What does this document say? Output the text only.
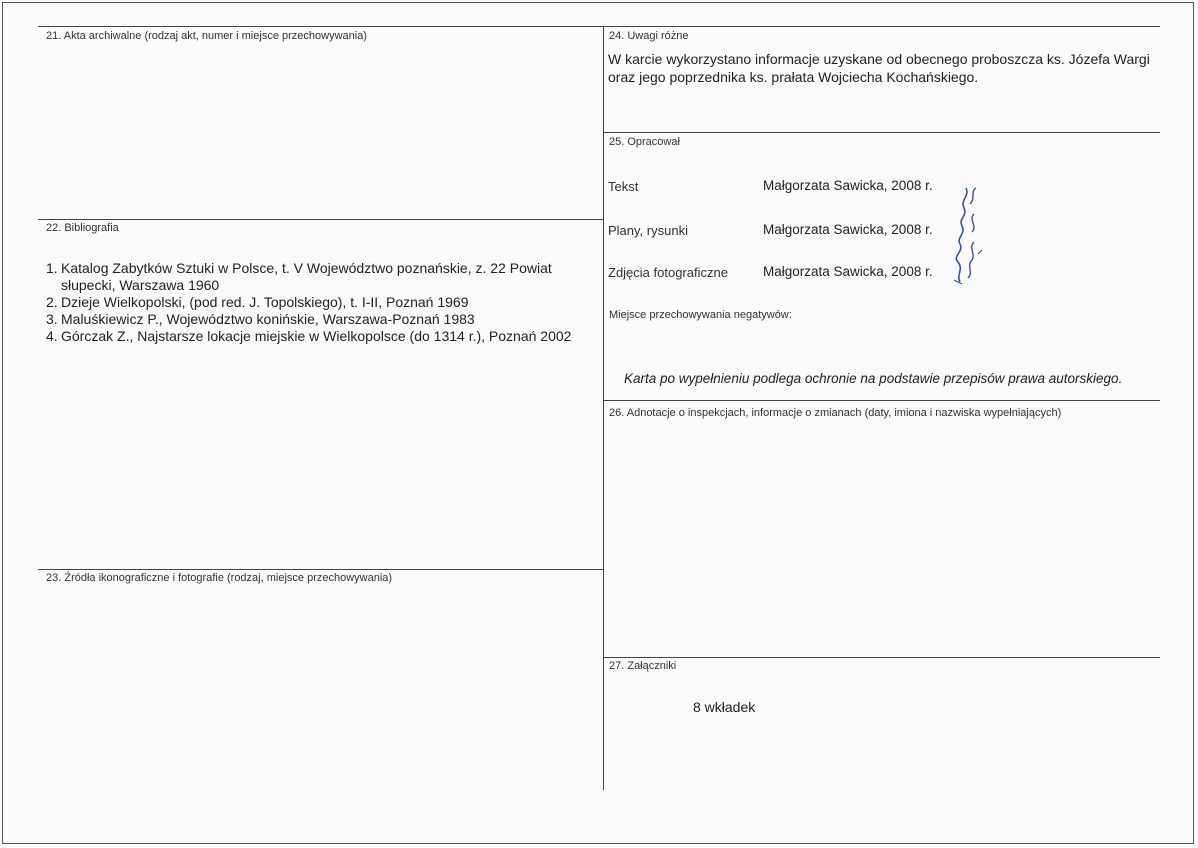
21. Akta archiwalne (rodzaj akt, numer i miejsce przechowywania)
22. Bibliografia
1. Katalog Zabytków Sztuki w Polsce, t. V Województwo poznańskie, z. 22 Powiat słupecki, Warszawa 1960
2. Dzieje Wielkopolski, (pod red. J. Topolskiego), t. I-II, Poznań 1969
3. Maluśkiewicz P., Województwo konińskie, Warszawa-Poznań 1983
4. Górczak Z., Najstarsze lokacje miejskie w Wielkopolsce (do 1314 r.), Poznań 2002
23. Źródła ikonograficzne i fotografie (rodzaj, miejsce przechowywania)
24. Uwagi różne
W karcie wykorzystano informacje uzyskane od obecnego proboszcza ks. Józefa Wargi
oraz jego poprzednika ks. prałata Wojciecha Kochańskiego.
25. Opracował
Tekst	Małgorzata Sawicka, 2008 r.
Plany, rysunki	Małgorzata Sawicka, 2008 r.
Zdjęcia fotograficzne	Małgorzata Sawicka, 2008 r.
Miejsce przechowywania negatywów:
Karta po wypełnieniu podlega ochronie na podstawie przepisów prawa autorskiego.
26. Adnotacje o inspekcjach, informacje o zmianach (daty, imiona i nazwiska wypełniających)
27. Załączniki
8 wkładek
